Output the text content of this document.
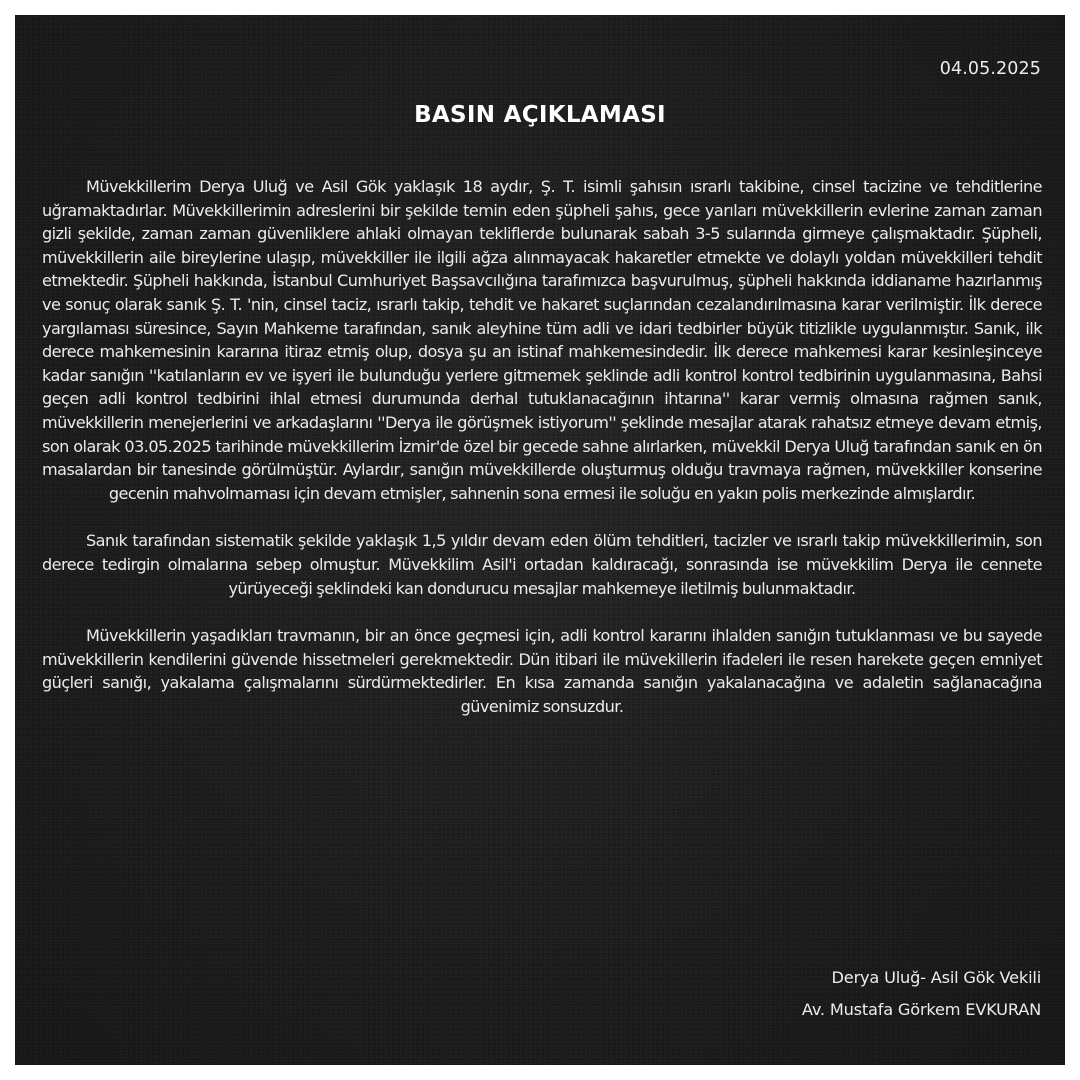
04.05.2025
BASIN AÇIKLAMASI

Müvekkillerim Derya Uluğ ve Asil Gök yaklaşık 18 aydır, Ş. T. isimli şahısın ısrarlı takibine, cinsel tacizine ve tehditlerine uğramaktadırlar. Müvekkillerimin adreslerini bir şekilde temin eden şüpheli şahıs, gece yarıları müvekkillerin evlerine zaman zaman gizli şekilde, zaman zaman güvenliklere ahlaki olmayan tekliflerde bulunarak sabah 3-5 sularında girmeye çalışmaktadır. Şüpheli, müvekkillerin aile bireylerine ulaşıp, müvekkiller ile ilgili ağza alınmayacak hakaretler etmekte ve dolaylı yoldan müvekkilleri tehdit etmektedir. Şüpheli hakkında, İstanbul Cumhuriyet Başsavcılığına tarafımızca başvurulmuş, şüpheli hakkında iddianame hazırlanmış ve sonuç olarak sanık Ş. T. 'nin, cinsel taciz, ısrarlı takip, tehdit ve hakaret suçlarından cezalandırılmasına karar verilmiştir. İlk derece yargılaması süresince, Sayın Mahkeme tarafından, sanık aleyhine tüm adli ve idari tedbirler büyük titizlikle uygulanmıştır. Sanık, ilk derece mahkemesinin kararına itiraz etmiş olup, dosya şu an istinaf mahkemesindedir. İlk derece mahkemesi karar kesinleşinceye kadar sanığın ''katılanların ev ve işyeri ile bulunduğu yerlere gitmemek şeklinde adli kontrol kontrol tedbirinin uygulanmasına, Bahsi geçen adli kontrol tedbirini ihlal etmesi durumunda derhal tutuklanacağının ihtarına'' karar vermiş olmasına rağmen sanık, müvekkillerin menejerlerini ve arkadaşlarını ''Derya ile görüşmek istiyorum'' şeklinde mesajlar atarak rahatsız etmeye devam etmiş, son olarak 03.05.2025 tarihinde müvekkillerim İzmir'de özel bir gecede sahne alırlarken, müvekkil Derya Uluğ tarafından sanık en ön masalardan bir tanesinde görülmüştür. Aylardır, sanığın müvekkillerde oluşturmuş olduğu travmaya rağmen, müvekkiller konserine gecenin mahvolmaması için devam etmişler, sahnenin sona ermesi ile soluğu en yakın polis merkezinde almışlardır.

Sanık tarafından sistematik şekilde yaklaşık 1,5 yıldır devam eden ölüm tehditleri, tacizler ve ısrarlı takip müvekkillerimin, son derece tedirgin olmalarına sebep olmuştur. Müvekkilim Asil'i ortadan kaldıracağı, sonrasında ise müvekkilim Derya ile cennete yürüyeceği şeklindeki kan dondurucu mesajlar mahkemeye iletilmiş bulunmaktadır.

Müvekkillerin yaşadıkları travmanın, bir an önce geçmesi için, adli kontrol kararını ihlalden sanığın tutuklanması ve bu sayede müvekkillerin kendilerini güvende hissetmeleri gerekmektedir. Dün itibari ile müvekillerin ifadeleri ile resen harekete geçen emniyet güçleri sanığı, yakalama çalışmalarını sürdürmektedirler. En kısa zamanda sanığın yakalanacağına ve adaletin sağlanacağına güvenimiz sonsuzdur.

Derya Uluğ- Asil Gök Vekili
Av. Mustafa Görkem EVKURAN
